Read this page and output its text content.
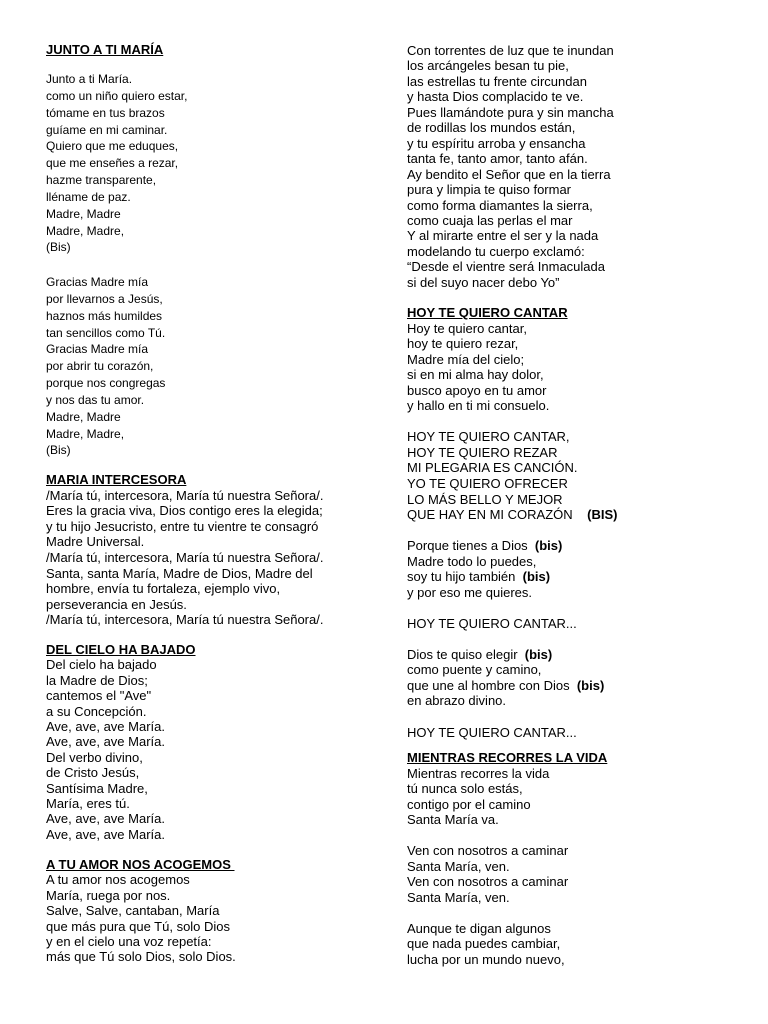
JUNTO A TI MARÍA
Junto a ti María.
como un niño quiero estar,
tómame en tus brazos
guíame en mi caminar.
Quiero que me eduques,
que me enseñes a rezar,
hazme transparente,
lléname de paz.
Madre, Madre
Madre, Madre,
(Bis)
Gracias Madre mía
por llevarnos a Jesús,
haznos más humildes
tan sencillos como Tú.
Gracias Madre mía
por abrir tu corazón,
porque nos congregas
y nos das tu amor.
Madre, Madre
Madre, Madre,
(Bis)
MARIA INTERCESORA
/María tú, intercesora, María tú nuestra Señora/.
Eres la gracia viva, Dios contigo eres la elegida;
y tu hijo Jesucristo, entre tu vientre te consagró
Madre Universal.
/María tú, intercesora, María tú nuestra Señora/.
Santa, santa María, Madre de Dios, Madre del
hombre, envía tu fortaleza, ejemplo vivo,
perseverancia en Jesús.
/María tú, intercesora, María tú nuestra Señora/.
DEL CIELO HA BAJADO
Del cielo ha bajado
la Madre de Dios;
cantemos el "Ave"
a su Concepción.
Ave, ave, ave María.
Ave, ave, ave María.
Del verbo divino,
de Cristo Jesús,
Santísima Madre,
María, eres tú.
Ave, ave, ave María.
Ave, ave, ave María.
A TU AMOR NOS ACOGEMOS
A tu amor nos acogemos
María, ruega por nos.
Salve, Salve, cantaban, María
que más pura que Tú, solo Dios
y en el cielo una voz repetía:
más que Tú solo Dios, solo Dios.
Con torrentes de luz que te inundan
los arcángeles besan tu pie,
las estrellas tu frente circundan
y hasta Dios complacido te ve.
Pues llamándote pura y sin mancha
de rodillas los mundos están,
y tu espíritu arroba y ensancha
tanta fe, tanto amor, tanto afán.
Ay bendito el Señor que en la tierra
pura y limpia te quiso formar
como forma diamantes la sierra,
como cuaja las perlas el mar
Y al mirarte entre el ser y la nada
modelando tu cuerpo exclamó:
“Desde el vientre será Inmaculada
si del suyo nacer debo Yo”
HOY TE QUIERO CANTAR
Hoy te quiero cantar,
hoy te quiero rezar,
Madre mía del cielo;
si en mi alma hay dolor,
busco apoyo en tu amor
y hallo en ti mi consuelo.
HOY TE QUIERO CANTAR,
HOY TE QUIERO REZAR
MI PLEGARIA ES CANCIÓN.
YO TE QUIERO OFRECER
LO MÁS BELLO Y MEJOR
QUE HAY EN MI CORAZÓN    (BIS)
Porque tienes a Dios  (bis)
Madre todo lo puedes,
soy tu hijo también  (bis)
y por eso me quieres.
HOY TE QUIERO CANTAR...
Dios te quiso elegir  (bis)
como puente y camino,
que une al hombre con Dios  (bis)
en abrazo divino.
HOY TE QUIERO CANTAR...
MIENTRAS RECORRES LA VIDA
Mientras recorres la vida
tú nunca solo estás,
contigo por el camino
Santa María va.
Ven con nosotros a caminar
Santa María, ven.
Ven con nosotros a caminar
Santa María, ven.
Aunque te digan algunos
que nada puedes cambiar,
lucha por un mundo nuevo,
